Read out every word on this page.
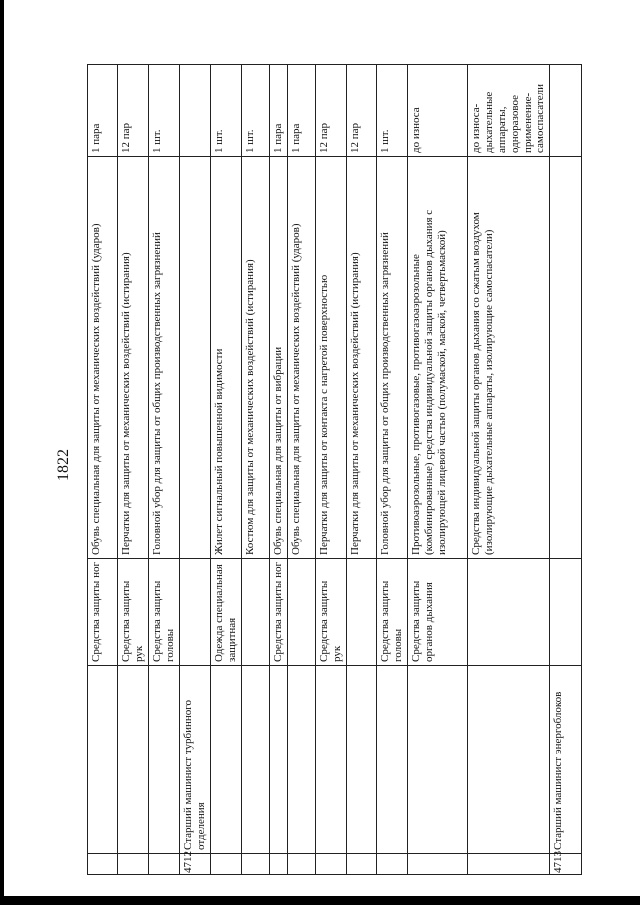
1822
		Средства защиты ног	Обувь специальная для защиты от механических воздействий (ударов)	1 пара
		Средства защиты рук	Перчатки для защиты от механических воздействий (истирания)	12 пар
		Средства защиты головы	Головной убор для защиты от общих производственных загрязнений	1 шт.
4712	Старший машинист турбинного отделения			
		Одежда специальная защитная	Жилет сигнальный повышенной видимости	1 шт.
			Костюм для защиты от механических воздействий (истирания)	1 шт.
		Средства защиты ног	Обувь специальная для защиты от вибрации	1 пара
			Обувь специальная для защиты от механических воздействий (ударов)	1 пара
		Средства защиты рук	Перчатки для защиты от контакта с нагретой поверхностью	12 пар
			Перчатки для защиты от механических воздействий (истирания)	12 пар
		Средства защиты головы	Головной убор для защиты от общих производственных загрязнений	1 шт.
		Средства защиты органов дыхания	Противоаэрозольные, противогазовые, противогазоаэрозольные (комбинированные) средства индивидуальной защиты органов дыхания с изолирующей лицевой частью (полумаской, маской, четвертьмаской)	до износа
			Средства индивидуальной защиты органов дыхания со сжатым воздухом (изолирующие дыхательные аппараты, изолирующие самоспасатели)	до износа-дыхательные аппараты, одноразовое применение-самоспасатели
4713	Старший машинист энергоблоков			
